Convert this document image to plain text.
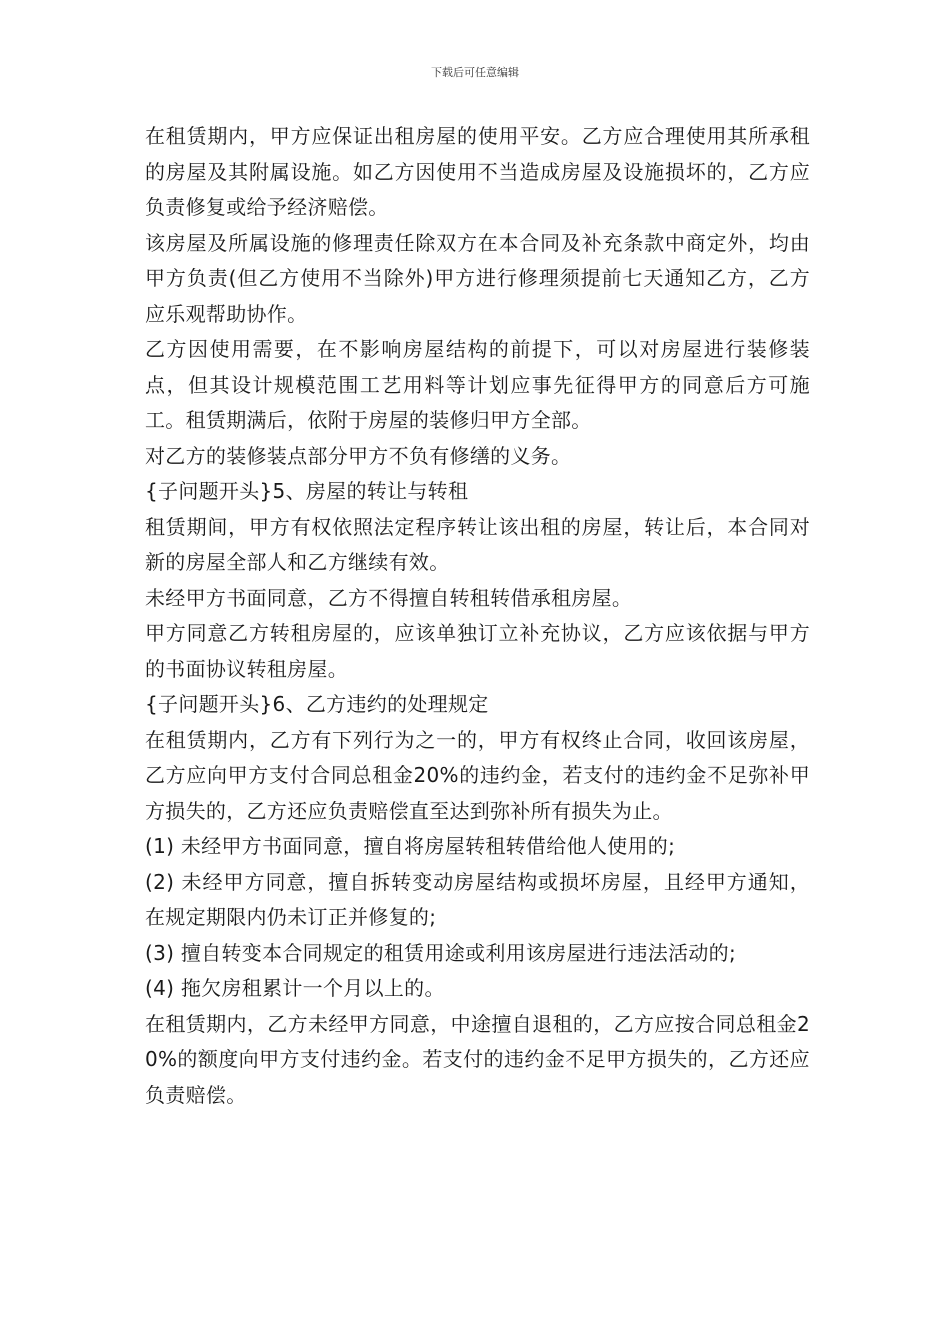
下载后可任意编辑

在租赁期内，甲方应保证出租房屋的使用平安。乙方应合理使用其所承租的房屋及其附属设施。如乙方因使用不当造成房屋及设施损坏的，乙方应负责修复或给予经济赔偿。

该房屋及所属设施的修理责任除双方在本合同及补充条款中商定外，均由甲方负责(但乙方使用不当除外)甲方进行修理须提前七天通知乙方，乙方应乐观帮助协作。

乙方因使用需要，在不影响房屋结构的前提下，可以对房屋进行装修装点，但其设计规模范围工艺用料等计划应事先征得甲方的同意后方可施工。租赁期满后，依附于房屋的装修归甲方全部。

对乙方的装修装点部分甲方不负有修缮的义务。

{子问题开头}5、房屋的转让与转租

租赁期间，甲方有权依照法定程序转让该出租的房屋，转让后，本合同对新的房屋全部人和乙方继续有效。

未经甲方书面同意，乙方不得擅自转租转借承租房屋。

甲方同意乙方转租房屋的，应该单独订立补充协议，乙方应该依据与甲方的书面协议转租房屋。

{子问题开头}6、乙方违约的处理规定

在租赁期内，乙方有下列行为之一的，甲方有权终止合同，收回该房屋，乙方应向甲方支付合同总租金20%的违约金，若支付的违约金不足弥补甲方损失的，乙方还应负责赔偿直至达到弥补所有损失为止。

(1) 未经甲方书面同意，擅自将房屋转租转借给他人使用的;

(2) 未经甲方同意，擅自拆转变动房屋结构或损坏房屋，且经甲方通知，在规定期限内仍未订正并修复的;

(3) 擅自转变本合同规定的租赁用途或利用该房屋进行违法活动的;

(4) 拖欠房租累计一个月以上的。

在租赁期内，乙方未经甲方同意，中途擅自退租的，乙方应按合同总租金20%的额度向甲方支付违约金。若支付的违约金不足甲方损失的，乙方还应负责赔偿。
